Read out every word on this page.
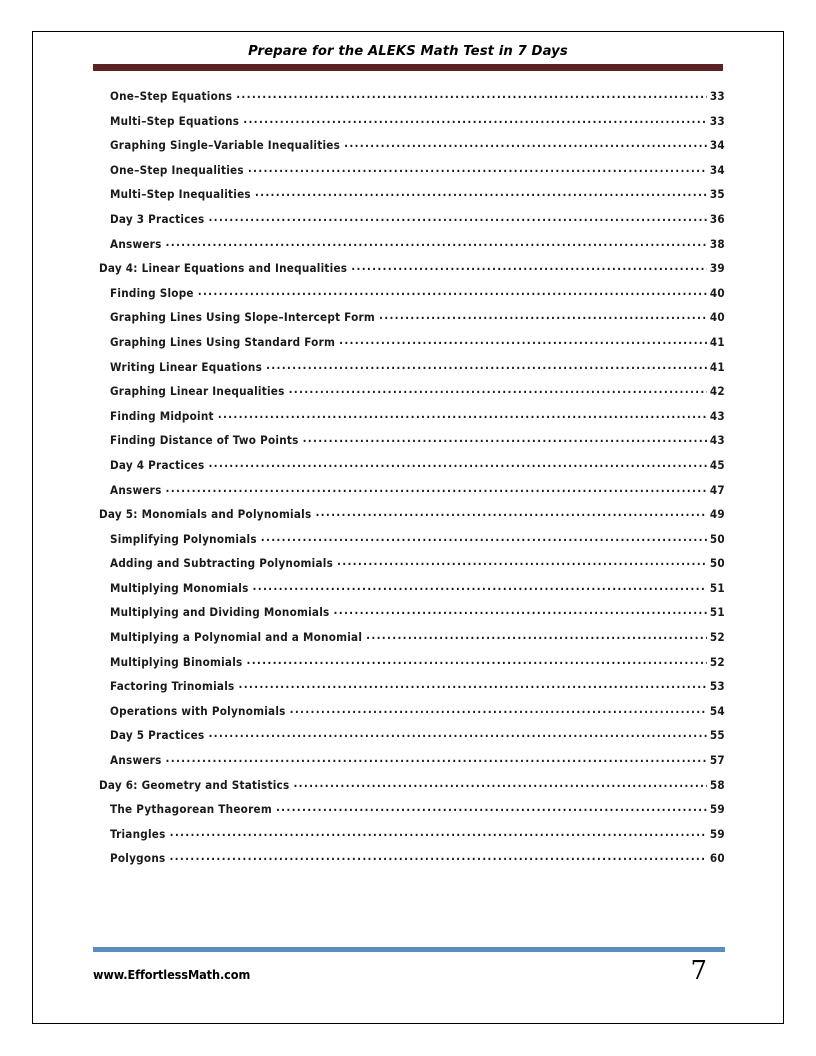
Prepare for the ALEKS Math Test in 7 Days
One–Step Equations .....	33
Multi–Step Equations .....	33
Graphing Single–Variable Inequalities .....	34
One–Step Inequalities .....	34
Multi–Step Inequalities .....	35
Day 3 Practices .....	36
Answers .....	38
Day 4: Linear Equations and Inequalities .....	39
Finding Slope .....	40
Graphing Lines Using Slope–Intercept Form .....	40
Graphing Lines Using Standard Form .....	41
Writing Linear Equations .....	41
Graphing Linear Inequalities .....	42
Finding Midpoint .....	43
Finding Distance of Two Points .....	43
Day 4 Practices .....	45
Answers .....	47
Day 5: Monomials and Polynomials .....	49
Simplifying Polynomials .....	50
Adding and Subtracting Polynomials .....	50
Multiplying Monomials .....	51
Multiplying and Dividing Monomials .....	51
Multiplying a Polynomial and a Monomial .....	52
Multiplying Binomials .....	52
Factoring Trinomials .....	53
Operations with Polynomials .....	54
Day 5 Practices .....	55
Answers .....	57
Day 6: Geometry and Statistics .....	58
The Pythagorean Theorem .....	59
Triangles .....	59
Polygons .....	60
www.EffortlessMath.com	7
